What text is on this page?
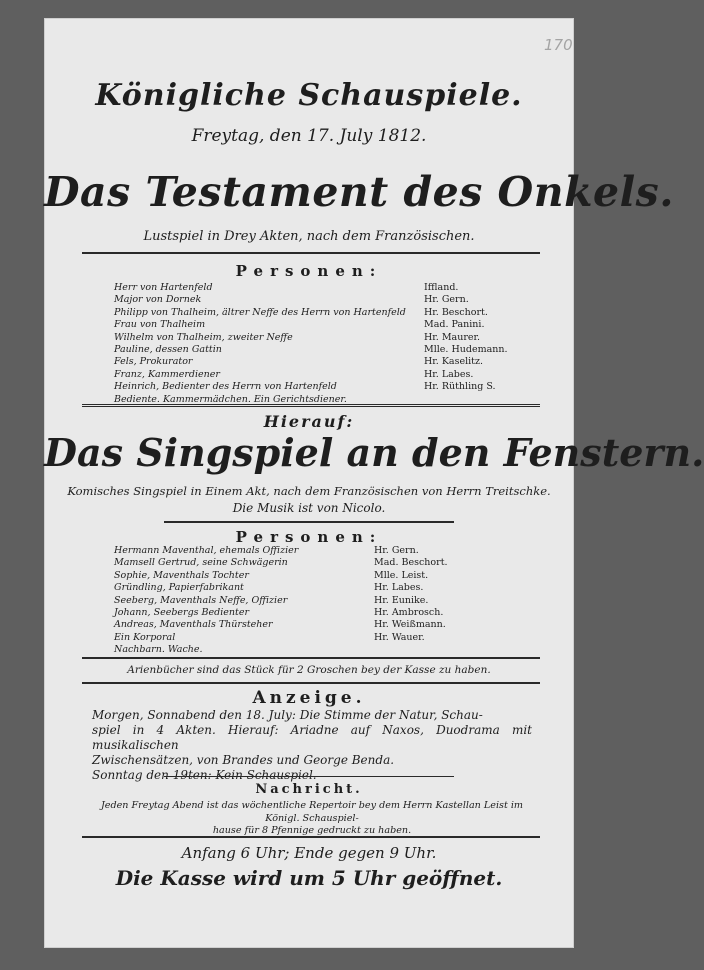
170
Königliche Schauspiele.
Freytag, den 17. July 1812.
Das Testament des Onkels.
Lustspiel in Drey Akten, nach dem Französischen.
Personen:
Herr von Hartenfeld	Iffland.
Major von Dornek	Hr. Gern.
Philipp von Thalheim, ältrer Neffe des Herrn von Hartenfeld Hr. Beschort.
Frau von Thalheim	Mad. Panini.
Wilhelm von Thalheim, zweiter Neffe	Hr. Maurer.
Pauline, dessen Gattin	Mlle. Hudemann.
Fels, Prokurator	Hr. Kaselitz.
Franz, Kammerdiener	Hr. Labes.
Heinrich, Bedienter des Herrn von Hartenfeld	Hr. Rüthling S.
Bediente. Kammermädchen. Ein Gerichtsdiener.
Hierauf:
Das Singspiel an den Fenstern.
Komisches Singspiel in Einem Akt, nach dem Französischen von Herrn Treitschke.
Die Musik ist von Nicolo.
Personen:
Hermann Maventhal, ehemals Offizier	Hr. Gern.
Mamsell Gertrud, seine Schwägerin	Mad. Beschort.
Sophie, Maventhals Tochter	Mlle. Leist.
Gründling, Papierfabrikant	Hr. Labes.
Seeberg, Maventhals Neffe, Offizier	Hr. Eunike.
Johann, Seebergs Bedienter	Hr. Ambrosch.
Andreas, Maventhals Thürsteher	Hr. Weißmann.
Ein Korporal	Hr. Wauer.
Nachbarn. Wache.
Arienbücher sind das Stück für 2 Groschen bey der Kasse zu haben.
Anzeige.
Morgen, Sonnabend den 18. July: Die Stimme der Natur, Schau-
spiel in 4 Akten. Hierauf: Ariadne auf Naxos, Duodrama mit musikalischen
Zwischensätzen, von Brandes und George Benda.
Sonntag den 19ten: Kein Schauspiel.
Nachricht.
Jeden Freytag Abend ist das wöchentliche Repertoir bey dem Herrn Kastellan Leist im Königl. Schauspiel-
hause für 8 Pfennige gedruckt zu haben.
Anfang 6 Uhr; Ende gegen 9 Uhr.
Die Kasse wird um 5 Uhr geöffnet.
